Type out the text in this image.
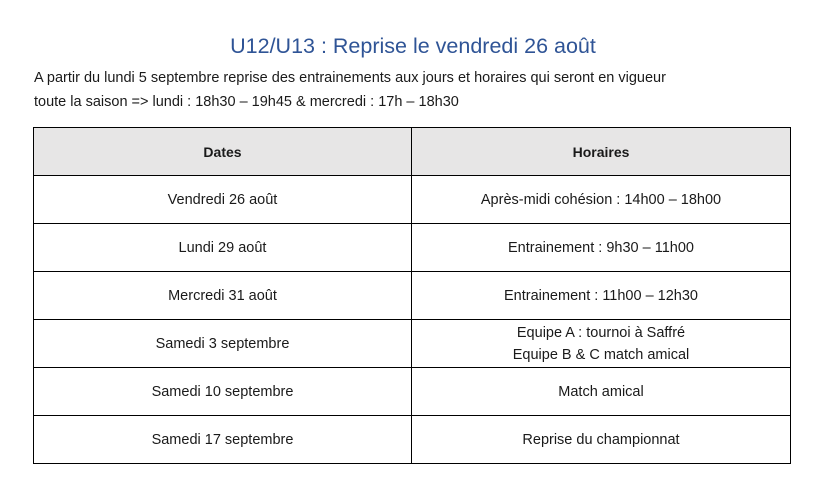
U12/U13 : Reprise le vendredi 26 août
A partir du lundi 5 septembre reprise des entrainements aux jours et horaires qui seront en vigueur
toute la saison => lundi : 18h30 – 19h45 & mercredi : 17h – 18h30
Dates	Horaires
Vendredi 26 août	Après-midi cohésion : 14h00 – 18h00

Lundi 29 août	Entrainement : 9h30 – 11h00

Mercredi 31 août	Entrainement : 11h00 – 12h30

Samedi 3 septembre	Equipe A : tournoi à Saffré
Equipe B & C match amical

Samedi 10 septembre	Match amical

Samedi 17 septembre	Reprise du championnat
